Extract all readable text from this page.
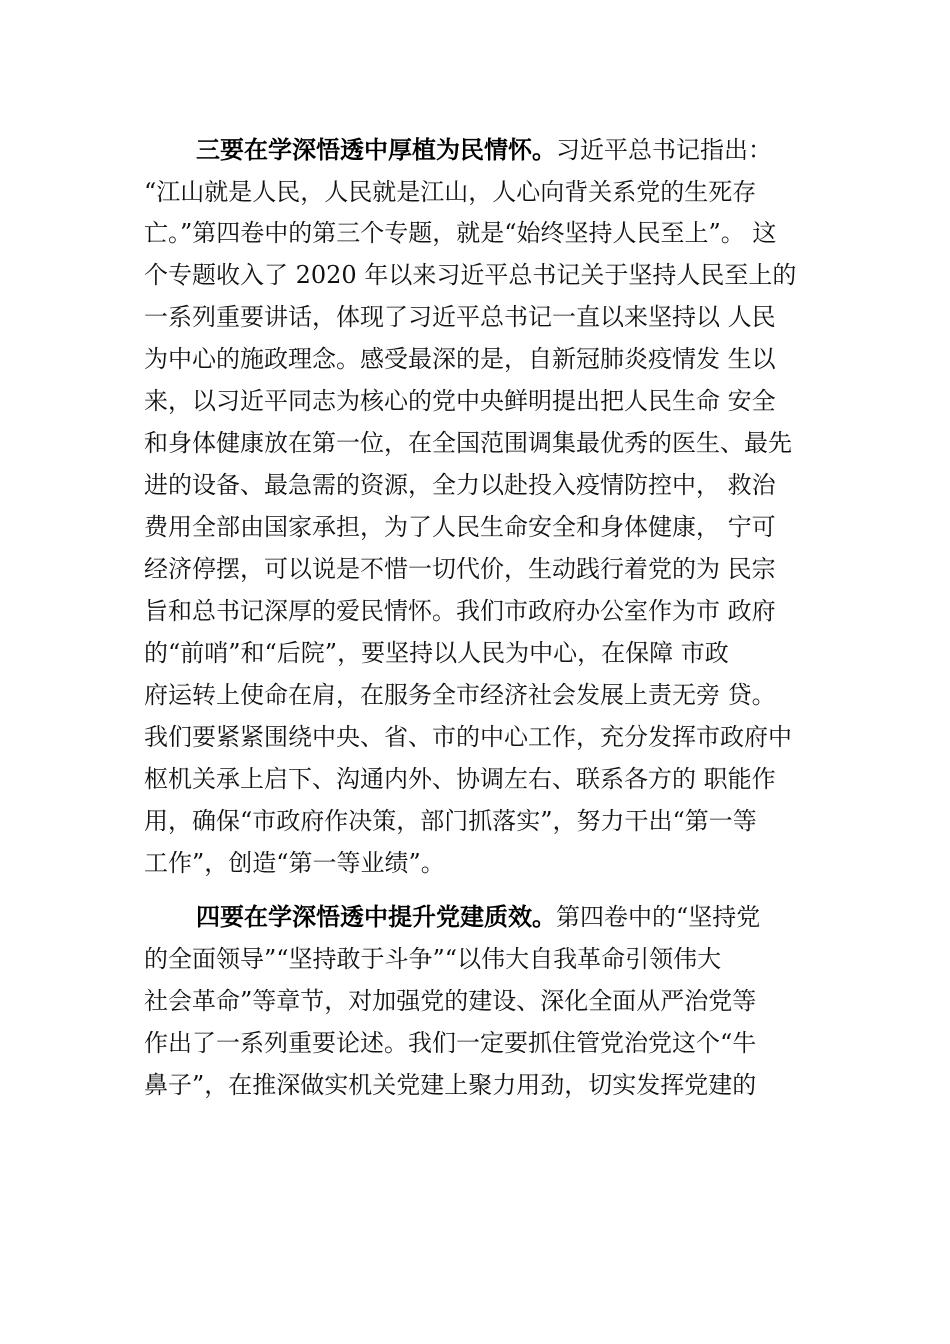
三要在学深悟透中厚植为民情怀。习近平总书记指出：
“江山就是人民，人民就是江山，人心向背关系党的生死存
亡。”第四卷中的第三个专题，就是“始终坚持人民至上”。 这
个专题收入了 2020 年以来习近平总书记关于坚持人民至上的
一系列重要讲话，体现了习近平总书记一直以来坚持以 人民
为中心的施政理念。感受最深的是，自新冠肺炎疫情发 生以
来，以习近平同志为核心的党中央鲜明提出把人民生命 安全
和身体健康放在第一位，在全国范围调集最优秀的医生、最先
进的设备、最急需的资源，全力以赴投入疫情防控中， 救治
费用全部由国家承担，为了人民生命安全和身体健康， 宁可
经济停摆，可以说是不惜一切代价，生动践行着党的为 民宗
旨和总书记深厚的爱民情怀。我们市政府办公室作为市 政府
的“前哨”和“后院”，要坚持以人民为中心，在保障 市政
府运转上使命在肩，在服务全市经济社会发展上责无旁 贷。
我们要紧紧围绕中央、省、市的中心工作，充分发挥市政府中
枢机关承上启下、沟通内外、协调左右、联系各方的 职能作
用，确保“市政府作决策，部门抓落实”，努力干出“第一等
工作”，创造“第一等业绩”。
四要在学深悟透中提升党建质效。第四卷中的“坚持党
的全面领导”“坚持敢于斗争”“以伟大自我革命引领伟大
社会革命”等章节，对加强党的建设、深化全面从严治党等
作出了一系列重要论述。我们一定要抓住管党治党这个“牛
鼻子”，在推深做实机关党建上聚力用劲，切实发挥党建的
